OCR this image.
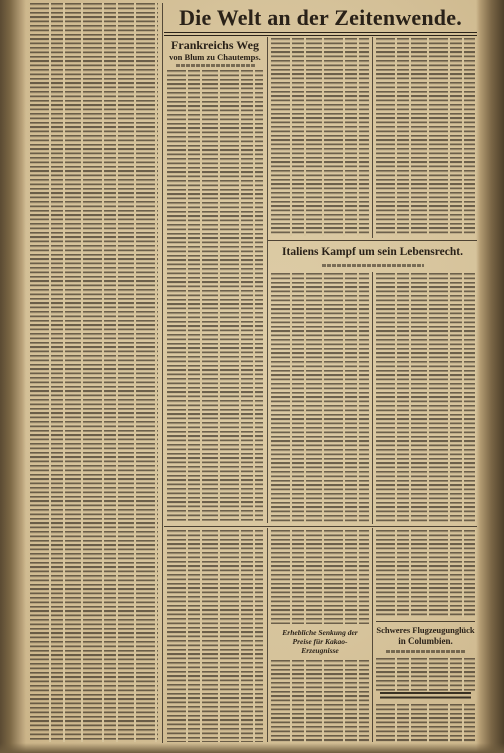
Die Welt an der Zeitenwende.
Frankreichs Weg
von Blum zu Chautemps.
Italiens Kampf um sein Lebensrecht.
Erhebliche Senkung der Preise für Kakao-Erzeugnisse
Schweres Flugzeugunglück
in Columbien.
